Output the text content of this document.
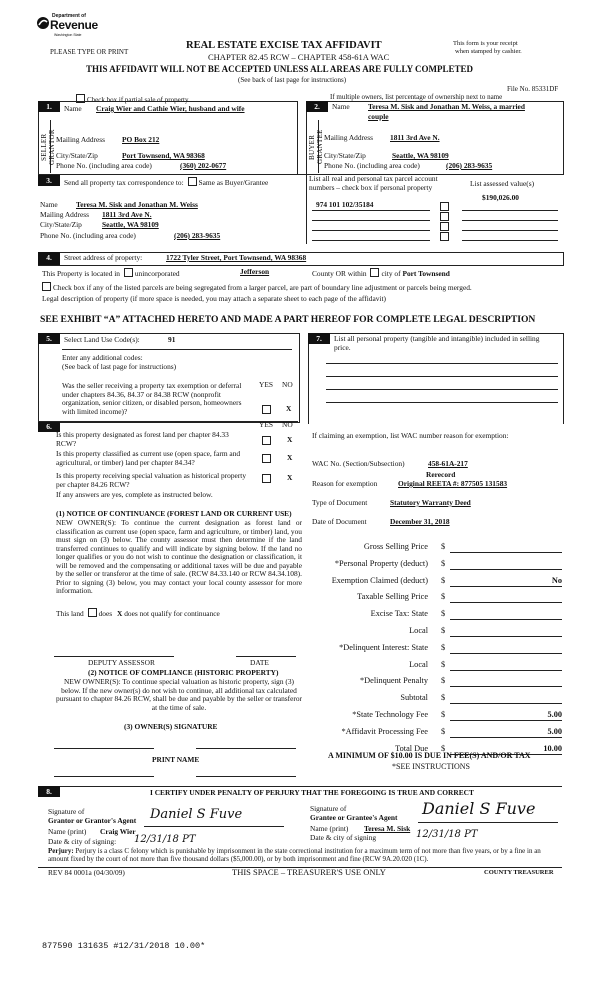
Department of
Revenue
Washington State
PLEASE TYPE OR PRINT
REAL ESTATE EXCISE TAX AFFIDAVIT
CHAPTER 82.45 RCW – CHAPTER 458-61A WAC
THIS AFFIDAVIT WILL NOT BE ACCEPTED UNLESS ALL AREAS ARE FULLY COMPLETED
(See back of last page for instructions)
This form is your receipt
when stamped by cashier.
File No. 85331DF
If multiple owners, list percentage of ownership next to name
Check box if partial sale of property
1.	2.
SELLER GRANTOR	BUYER GRANTEE
Name Craig Wier and Cathie Wier, husband and wife
Mailing Address PO Box 212
City/State/Zip	Port Townsend, WA 98368
Phone No. (including area code)	(360) 202-0677
Name Teresa M. Sisk and Jonathan M. Weiss, a married
couple
Mailing Address 1811 3rd Ave N.
City/State/Zip	Seattle, WA 98109
Phone No. (including area code)	(206) 283-9635
3.	Send all property tax correspondence to: Same as Buyer/Grantee	List all real and personal tax parcel account
numbers – check box if personal property	List assessed value(s)
$190,026.00
Name Teresa M. Sisk and Jonathan M. Weiss
Mailing Address 1811 3rd Ave N.
City/State/Zip	Seattle, WA 98109
Phone No. (including area code)	(206) 283-9635
974 101 102/35184
4.	Street address of property:	1722 Tyler Street, Port Townsend, WA 98368
This Property is located in unincorporated	Jefferson	County OR within city of Port Townsend
Check box if any of the listed parcels are being segregated from a larger parcel, are part of boundary line adjustment or parcels being merged.
Legal description of property (if more space is needed, you may attach a separate sheet to each page of the affidavit)
SEE EXHIBIT “A” ATTACHED HERETO AND MADE A PART HEREOF FOR COMPLETE LEGAL DESCRIPTION
5.	Select Land Use Code(s):	91
Enter any additional codes:
(See back of last page for instructions)
YES NO
Was the seller receiving a property tax exemption or deferral under chapters 84.36, 84.37 or 84.38 RCW (nonprofit organization, senior citizen, or disabled person, homeowners with limited income)?	X
6.	YES NO
Is this property designated as forest land per chapter 84.33 RCW?	X
Is this property classified as current use (open space, farm and agricultural, or timber) land per chapter 84.34?
X
Is this property receiving special valuation as historical property per chapter 84.26 RCW?
X
If any answers are yes, complete as instructed below.
(1) NOTICE OF CONTINUANCE (FOREST LAND OR CURRENT USE)
NEW OWNER(S): To continue the current designation as forest land or classification as current use (open space, farm and agriculture, or timber) land, you must sign on (3) below. The county assessor must then determine if the land transferred continues to qualify and will indicate by signing below. If the land no longer qualifies or you do not wish to continue the designation or classification, it will be removed and the compensating or additional taxes will be due and payable by the seller or transferor at the time of sale. (RCW 84.33.140 or RCW 84.34.108). Prior to signing (3) below, you may contact your local county assessor for more information.
This land does X does not qualify for continuance
DEPUTY ASSESSOR	DATE
(2) NOTICE OF COMPLIANCE (HISTORIC PROPERTY)
NEW OWNER(S): To continue special valuation as historic property, sign (3) below. If the new owner(s) do not wish to continue, all additional tax calculated pursuant to chapter 84.26 RCW, shall be due and payable by the seller or transferor at the time of sale.
(3) OWNER(S) SIGNATURE
PRINT NAME
7.	List all personal property (tangible and intangible) included in selling price.
If claiming an exemption, list WAC number reason for exemption:
WAC No. (Section/Subsection)	458-61A-217
Rerecord
Reason for exemption	Original REETA #: 877505 131583
Type of Document	Statutory Warranty Deed
Date of Document	December 31, 2018
Gross Selling Price $
*Personal Property (deduct) $
Exemption Claimed (deduct) $	No
Taxable Selling Price $
Excise Tax: State $
Local $
*Delinquent Interest: State $
Local $
*Delinquent Penalty $
Subtotal $
*State Technology Fee $	5.00
*Affidavit Processing Fee $	5.00
Total Due $	10.00
A MINIMUM OF $10.00 IS DUE IN FEE(S) AND/OR TAX
*SEE INSTRUCTIONS
8.	I CERTIFY UNDER PENALTY OF PERJURY THAT THE FOREGOING IS TRUE AND CORRECT
Signature of
Grantor or Grantor's Agent Daniel S Fuve
Name (print) Craig Wier
Date & city of signing: 12/31/18 PT
Signature of
Grantee or Grantee's Agent Daniel S Fuve
Name (print) Teresa M. Sisk
Date & city of signing	12/31/18 PT
Perjury: Perjury is a class C felony which is punishable by imprisonment in the state correctional institution for a maximum term of not more than five years, or by a fine in an amount fixed by the court of not more than five thousand dollars ($5,000.00), or by both imprisonment and fine (RCW 9A.20.020 (1C).
REV 84 0001a (04/30/09)	THIS SPACE – TREASURER'S USE ONLY	COUNTY TREASURER
877590 131635 #12/31/2018 10.00*
